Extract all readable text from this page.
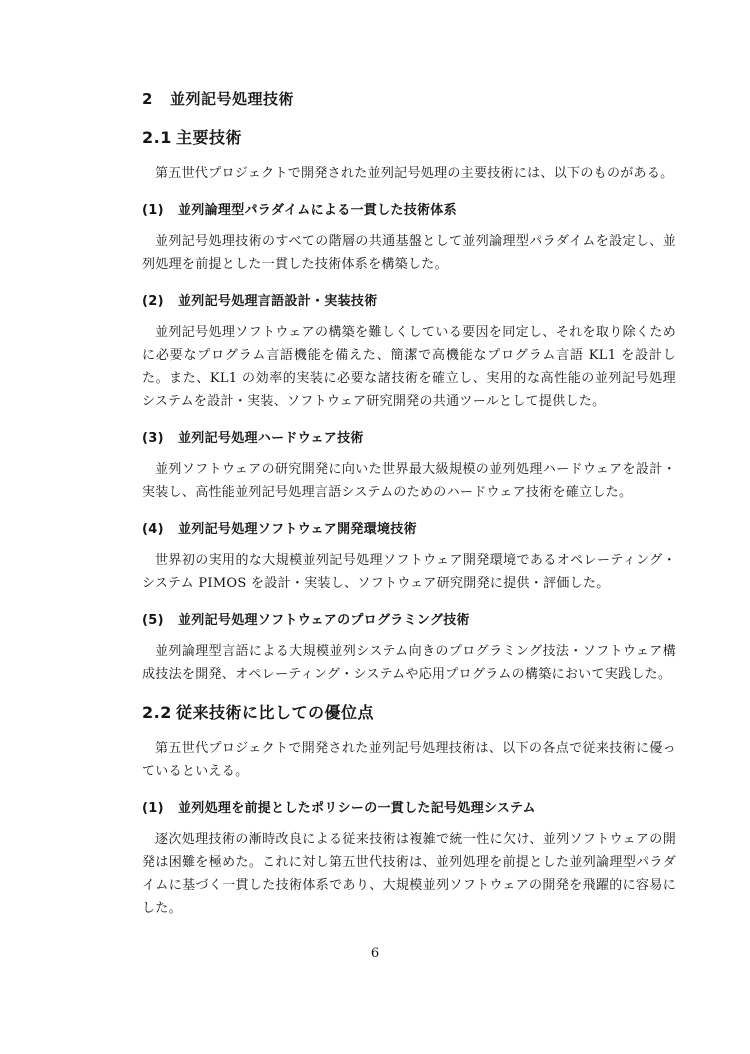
2 並列記号処理技術
2.1 主要技術

第五世代プロジェクトで開発された並列記号処理の主要技術には、以下のものがある。

(1) 並列論理型パラダイムによる一貫した技術体系

並列記号処理技術のすべての階層の共通基盤として並列論理型パラダイムを設定し、並列処理を前提とした一貫した技術体系を構築した。

(2) 並列記号処理言語設計・実装技術

並列記号処理ソフトウェアの構築を難しくしている要因を同定し、それを取り除くために必要なプログラム言語機能を備えた、簡潔で高機能なプログラム言語 KL1 を設計した。また、KL1 の効率的実装に必要な諸技術を確立し、実用的な高性能の並列記号処理システムを設計・実装、ソフトウェア研究開発の共通ツールとして提供した。

(3) 並列記号処理ハードウェア技術

並列ソフトウェアの研究開発に向いた世界最大級規模の並列処理ハードウェアを設計・実装し、高性能並列記号処理言語システムのためのハードウェア技術を確立した。

(4) 並列記号処理ソフトウェア開発環境技術

世界初の実用的な大規模並列記号処理ソフトウェア開発環境であるオペレーティング・システム PIMOS を設計・実装し、ソフトウェア研究開発に提供・評価した。

(5) 並列記号処理ソフトウェアのプログラミング技術

並列論理型言語による大規模並列システム向きのプログラミング技法・ソフトウェア構成技法を開発、オペレーティング・システムや応用プログラムの構築において実践した。

2.2 従来技術に比しての優位点

第五世代プロジェクトで開発された並列記号処理技術は、以下の各点で従来技術に優っているといえる。

(1) 並列処理を前提としたポリシーの一貫した記号処理システム

逐次処理技術の漸時改良による従来技術は複雑で統一性に欠け、並列ソフトウェアの開発は困難を極めた。これに対し第五世代技術は、並列処理を前提とした並列論理型パラダイムに基づく一貫した技術体系であり、大規模並列ソフトウェアの開発を飛躍的に容易にした。

6
